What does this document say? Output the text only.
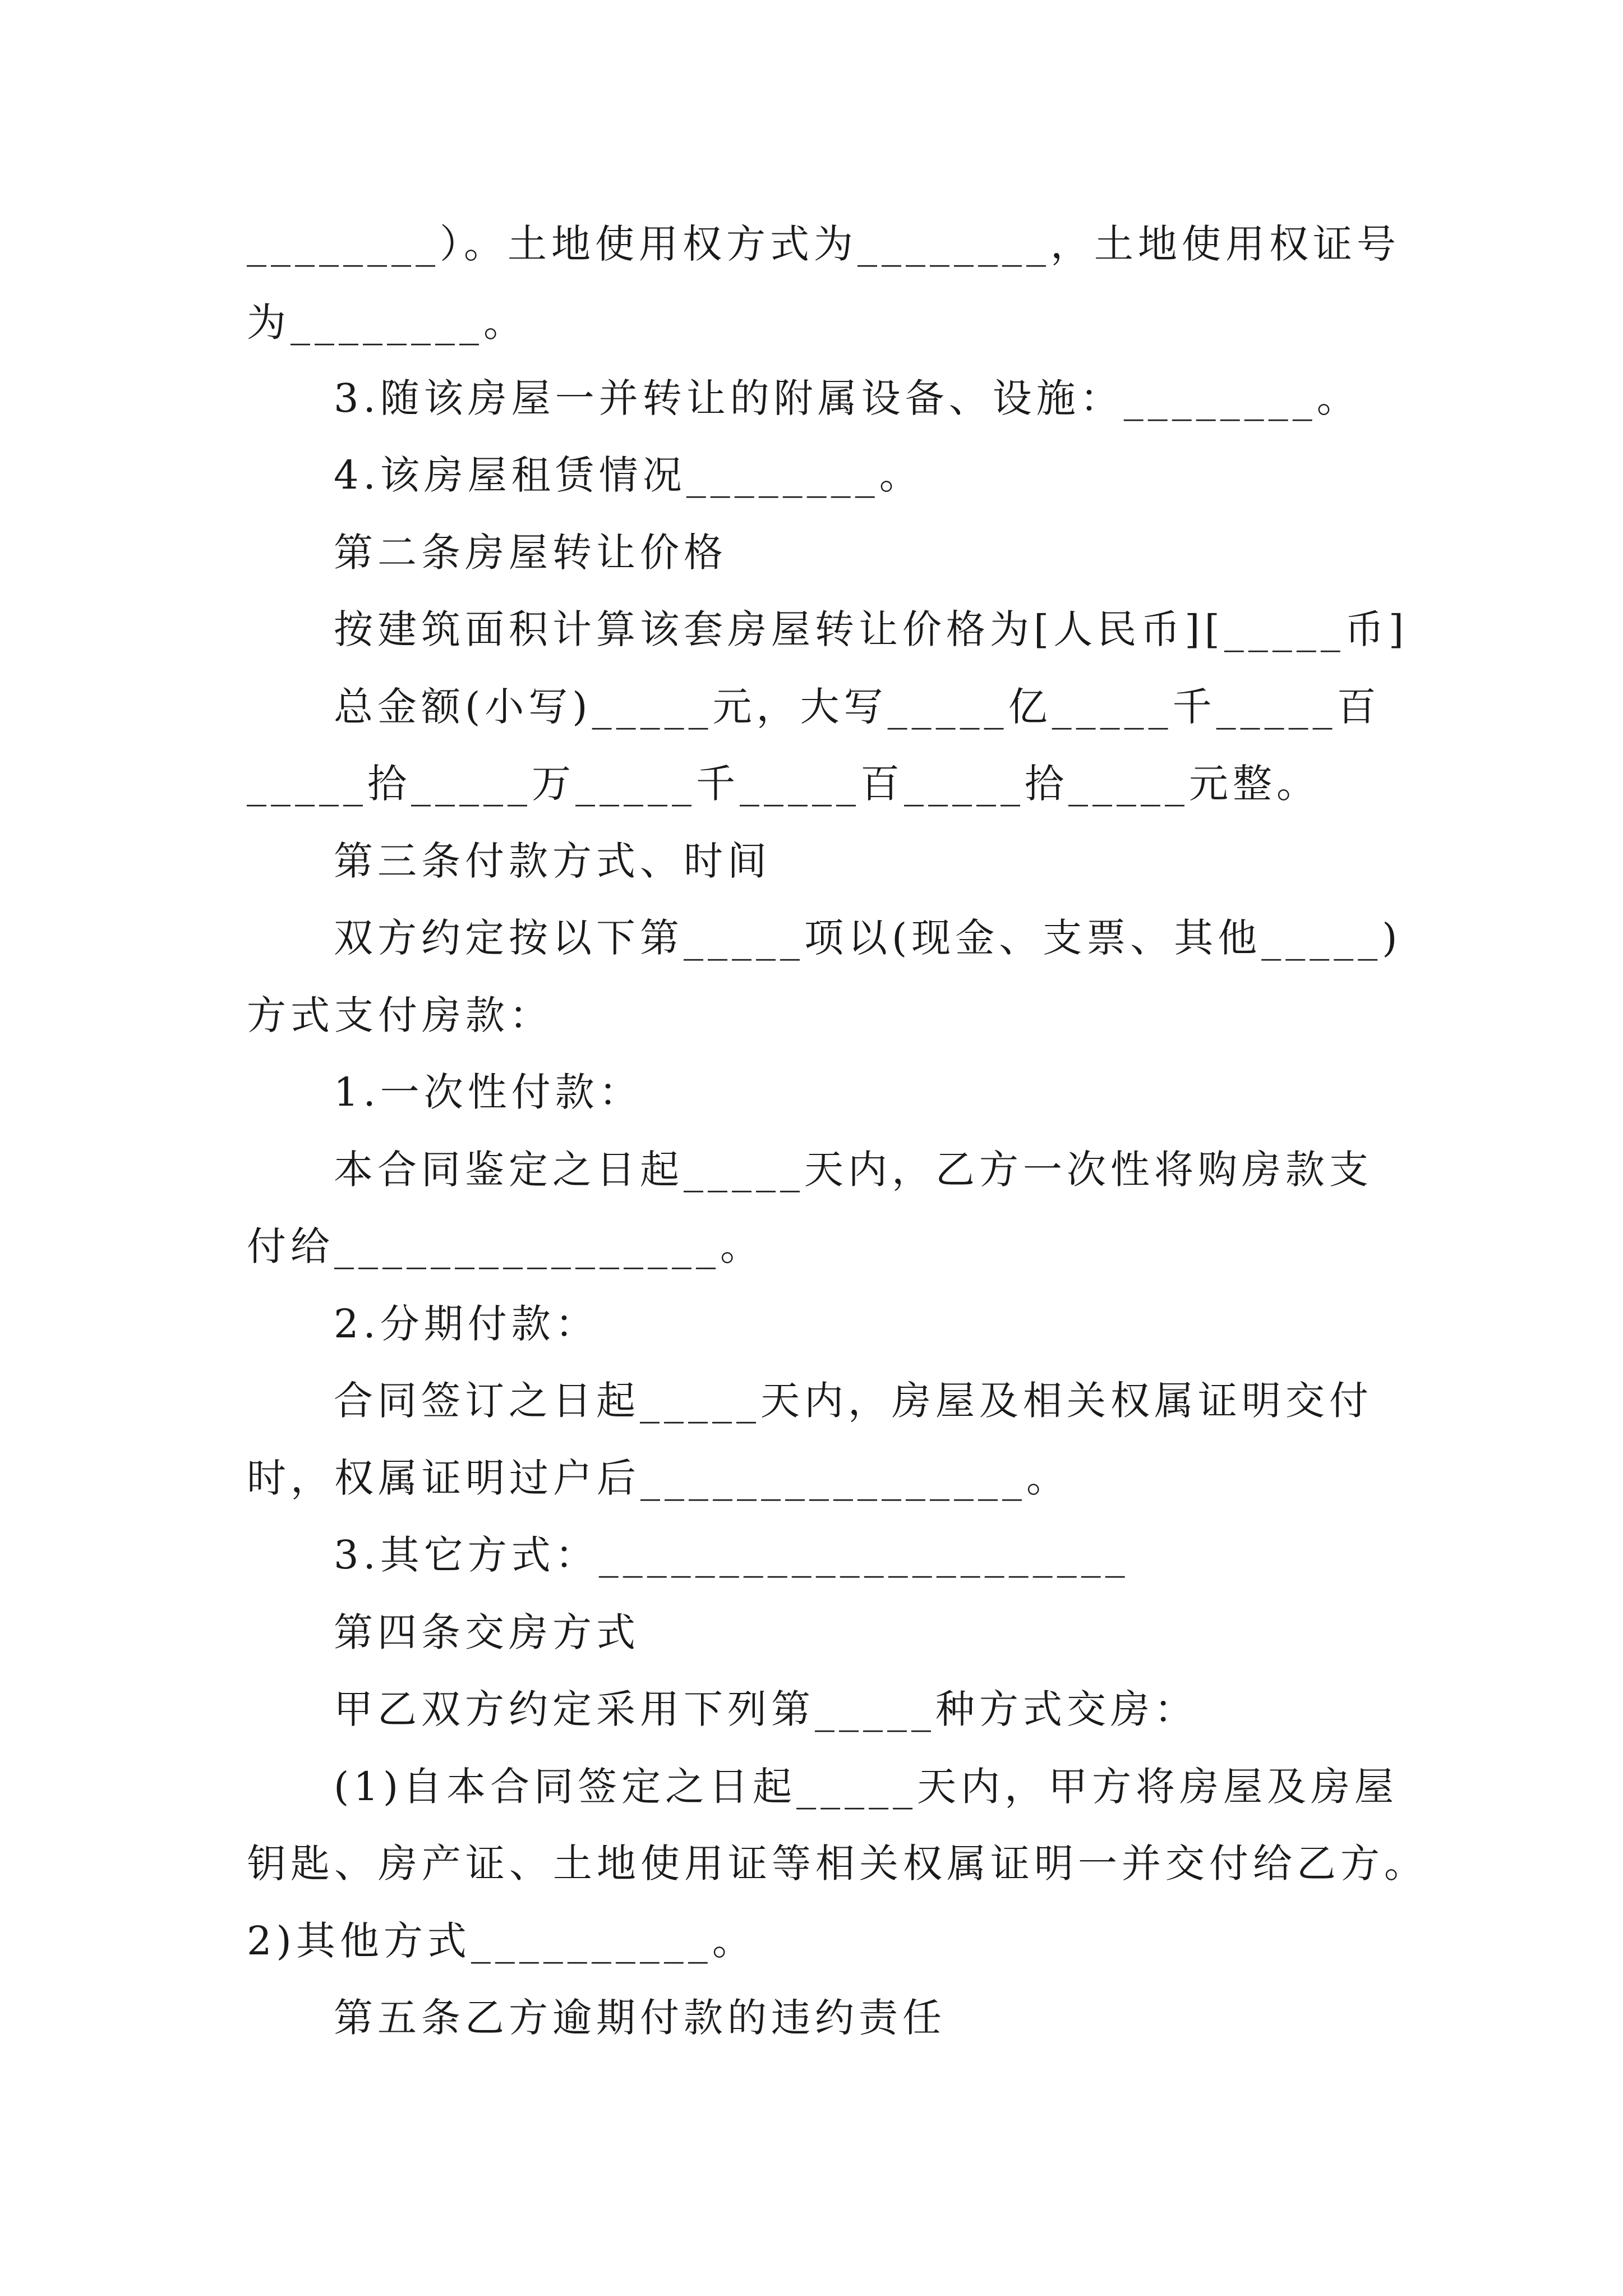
________）。土地使用权方式为________，土地使用权证号
为________。
3.随该房屋一并转让的附属设备、设施：________。
4.该房屋租赁情况________。
第二条房屋转让价格
按建筑面积计算该套房屋转让价格为[人民币][_____币]
总金额(小写)_____元，大写_____亿_____千_____百
_____拾_____万_____千_____百_____拾_____元整。
第三条付款方式、时间
双方约定按以下第_____项以(现金、支票、其他_____)
方式支付房款：
1.一次性付款：
本合同鉴定之日起_____天内，乙方一次性将购房款支
付给________________。
2.分期付款：
合同签订之日起_____天内，房屋及相关权属证明交付
时，权属证明过户后________________。
3.其它方式：______________________
第四条交房方式
甲乙双方约定采用下列第_____种方式交房：
(1)自本合同签定之日起_____天内，甲方将房屋及房屋
钥匙、房产证、土地使用证等相关权属证明一并交付给乙方。
2)其他方式__________。
第五条乙方逾期付款的违约责任
